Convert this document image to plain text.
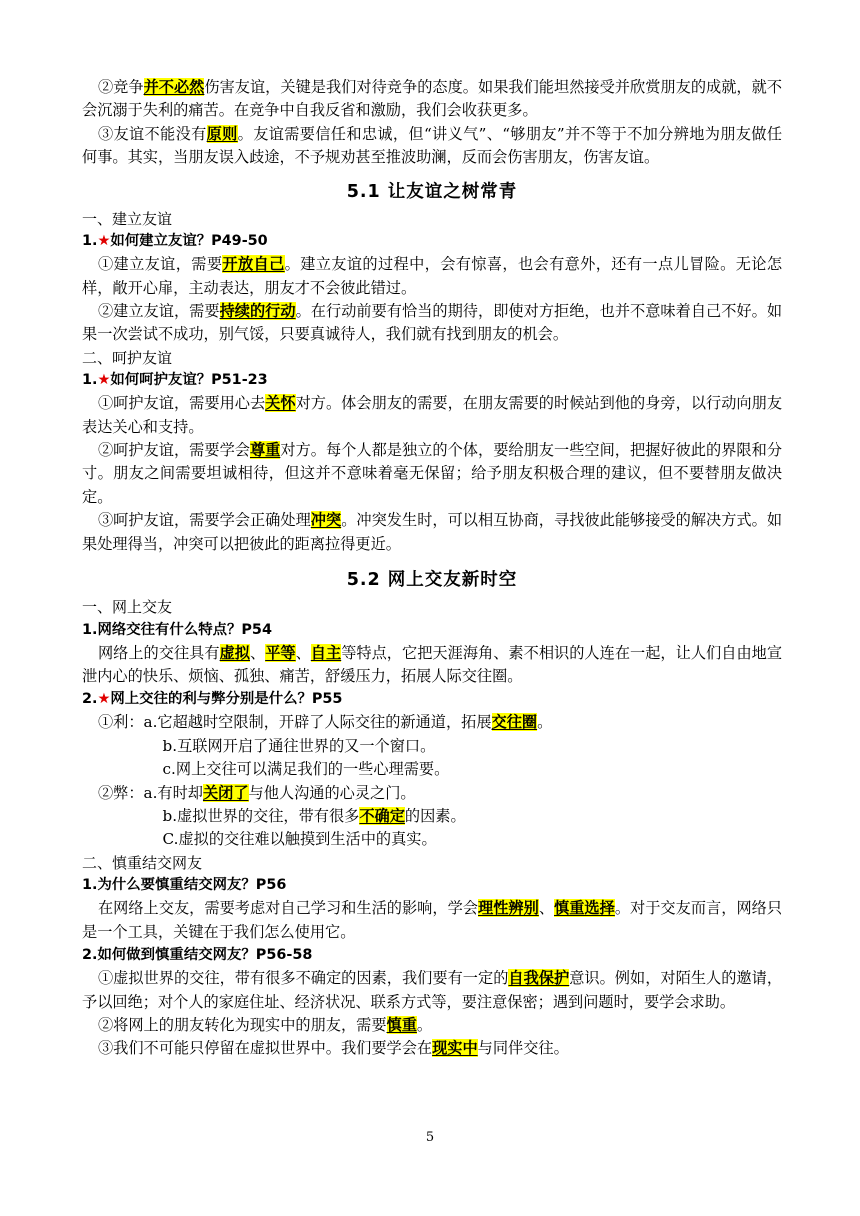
②竞争并不必然伤害友谊，关键是我们对待竞争的态度。如果我们能坦然接受并欣赏朋友的成就，就不会沉溺于失利的痛苦。在竞争中自我反省和激励，我们会收获更多。

③友谊不能没有原则。友谊需要信任和忠诚，但“讲义气”、“够朋友”并不等于不加分辨地为朋友做任何事。其实，当朋友误入歧途，不予规劝甚至推波助澜，反而会伤害朋友，伤害友谊。

5.1 让友谊之树常青

一、建立友谊

1.★如何建立友谊？P49-50

①建立友谊，需要开放自己。建立友谊的过程中，会有惊喜，也会有意外，还有一点儿冒险。无论怎样，敞开心扉，主动表达，朋友才不会彼此错过。

②建立友谊，需要持续的行动。在行动前要有恰当的期待，即使对方拒绝，也并不意味着自己不好。如果一次尝试不成功，别气馁，只要真诚待人，我们就有找到朋友的机会。

二、呵护友谊

1.★如何呵护友谊？P51-23

①呵护友谊，需要用心去关怀对方。体会朋友的需要，在朋友需要的时候站到他的身旁，以行动向朋友表达关心和支持。

②呵护友谊，需要学会尊重对方。每个人都是独立的个体，要给朋友一些空间，把握好彼此的界限和分寸。朋友之间需要坦诚相待，但这并不意味着毫无保留；给予朋友积极合理的建议，但不要替朋友做决定。

③呵护友谊，需要学会正确处理冲突。冲突发生时，可以相互协商，寻找彼此能够接受的解决方式。如果处理得当，冲突可以把彼此的距离拉得更近。

5.2 网上交友新时空

一、网上交友

1.网络交往有什么特点？P54

网络上的交往具有虚拟、平等、自主等特点，它把天涯海角、素不相识的人连在一起，让人们自由地宣泄内心的快乐、烦恼、孤独、痛苦，舒缓压力，拓展人际交往圈。

2.★网上交往的利与弊分别是什么？P55

①利：a.它超越时空限制，开辟了人际交往的新通道，拓展交往圈。

b.互联网开启了通往世界的又一个窗口。

c.网上交往可以满足我们的一些心理需要。

②弊：a.有时却关闭了与他人沟通的心灵之门。

b.虚拟世界的交往，带有很多不确定的因素。

C.虚拟的交往难以触摸到生活中的真实。

二、慎重结交网友

1.为什么要慎重结交网友？P56

在网络上交友，需要考虑对自己学习和生活的影响，学会理性辨别、慎重选择。对于交友而言，网络只是一个工具，关键在于我们怎么使用它。

2.如何做到慎重结交网友？P56-58

①虚拟世界的交往，带有很多不确定的因素，我们要有一定的自我保护意识。例如，对陌生人的邀请，予以回绝；对个人的家庭住址、经济状况、联系方式等，要注意保密；遇到问题时，要学会求助。

②将网上的朋友转化为现实中的朋友，需要慎重。

③我们不可能只停留在虚拟世界中。我们要学会在现实中与同伴交往。

5
